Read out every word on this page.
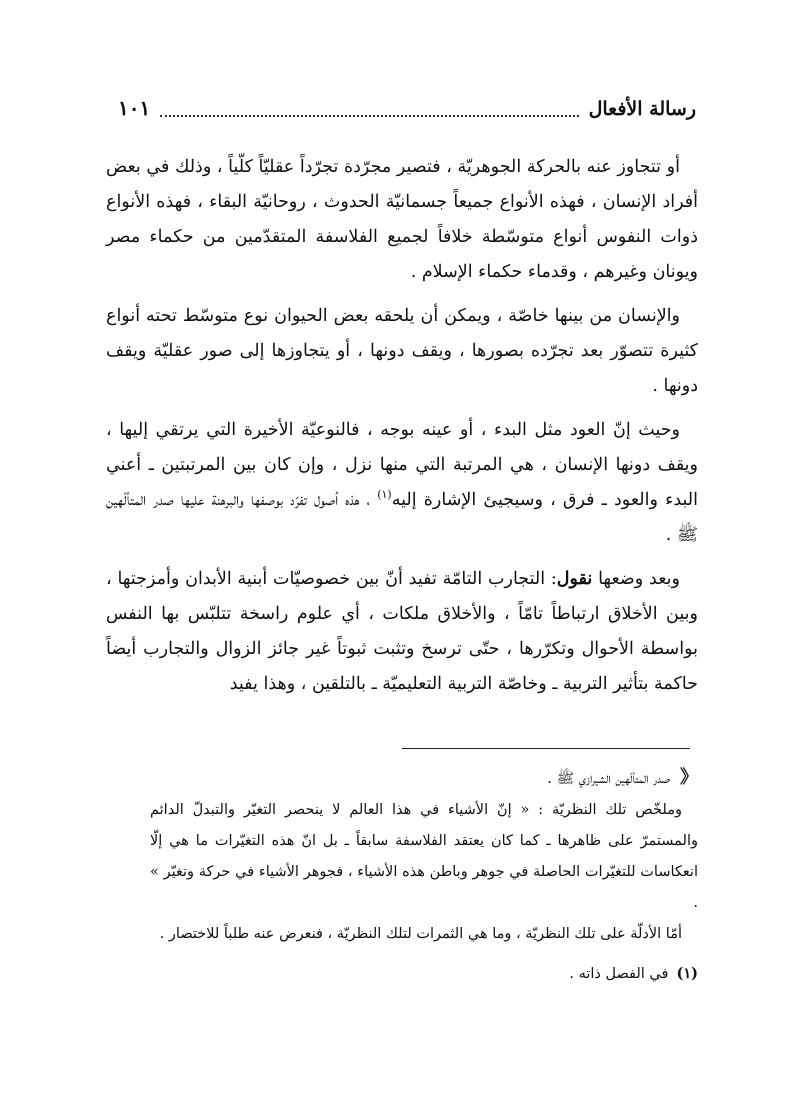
رسالة الأفعال
١٠١

أو تتجاوز عنه بالحركة الجوهريّة ، فتصير مجرّدة تجرّداً عقليّاً كلّياً ، وذلك في بعض أفراد الإنسان ، فهذه الأنواع جميعاً جسمانيّة الحدوث ، روحانيّة البقاء ، فهذه الأنواع ذوات النفوس أنواع متوسّطة خلافاً لجميع الفلاسفة المتقدّمين من حكماء مصر ويونان وغيرهم ، وقدماء حكماء الإسلام .

والإنسان من بينها خاصّة ، ويمكن أن يلحقه بعض الحيوان نوع متوسّط تحته أنواع كثيرة تتصوّر بعد تجرّده بصورها ، ويقف دونها ، أو يتجاوزها إلى صور عقليّة ويقف دونها .

وحيث إنّ العود مثل البدء ، أو عينه بوجه ، فالنوعيّة الأخيرة التي يرتقي إليها ، ويقف دونها الإنسان ، هي المرتبة التي منها نزل ، وإن كان بين المرتبتين ـ أعني البدء والعود ـ فرق ، وسيجيئ الإشارة إليه$^{(١)}$ ، هذه اُصول تفرّد بوصفها والبرهنة عليها صدر المتألّهين ﷺ .

وبعد وضعها نقول: التجارب التامّة تفيد أنّ بين خصوصيّات أبنية الأبدان وأمزجتها ، وبين الأخلاق ارتباطاً تامّاً ، والأخلاق ملكات ، أي علوم راسخة تتلبّس بها النفس بواسطة الأحوال وتكرّرها ، حتّى ترسخ وتثبت ثبوتاً غير جائز الزوال والتجارب أيضاً حاكمة بتأثير التربية ـ وخاصّة التربية التعليميّة ـ بالتلقين ، وهذا يفيد

《
صدر المتألّهين الشيرازي ﷺ .

وملخّص تلك النظريّة : « إنّ الأشياء في هذا العالم لا ينحصر التغيّر والتبدلّ الدائم والمستمرّ على ظاهرها ـ كما كان يعتقد الفلاسفة سابقاً ـ بل انّ هذه التغيّرات ما هي إلّا انعكاسات للتغيّرات الحاصلة في جوهر وباطن هذه الأشياء ، فجوهر الأشياء في حركة وتغيّر » .

أمّا الأدلّة على تلك النظريّة ، وما هي الثمرات لتلك النظريّة ، فنعرض عنه طلباً للاختصار .

(١)
في الفصل ذاته .
